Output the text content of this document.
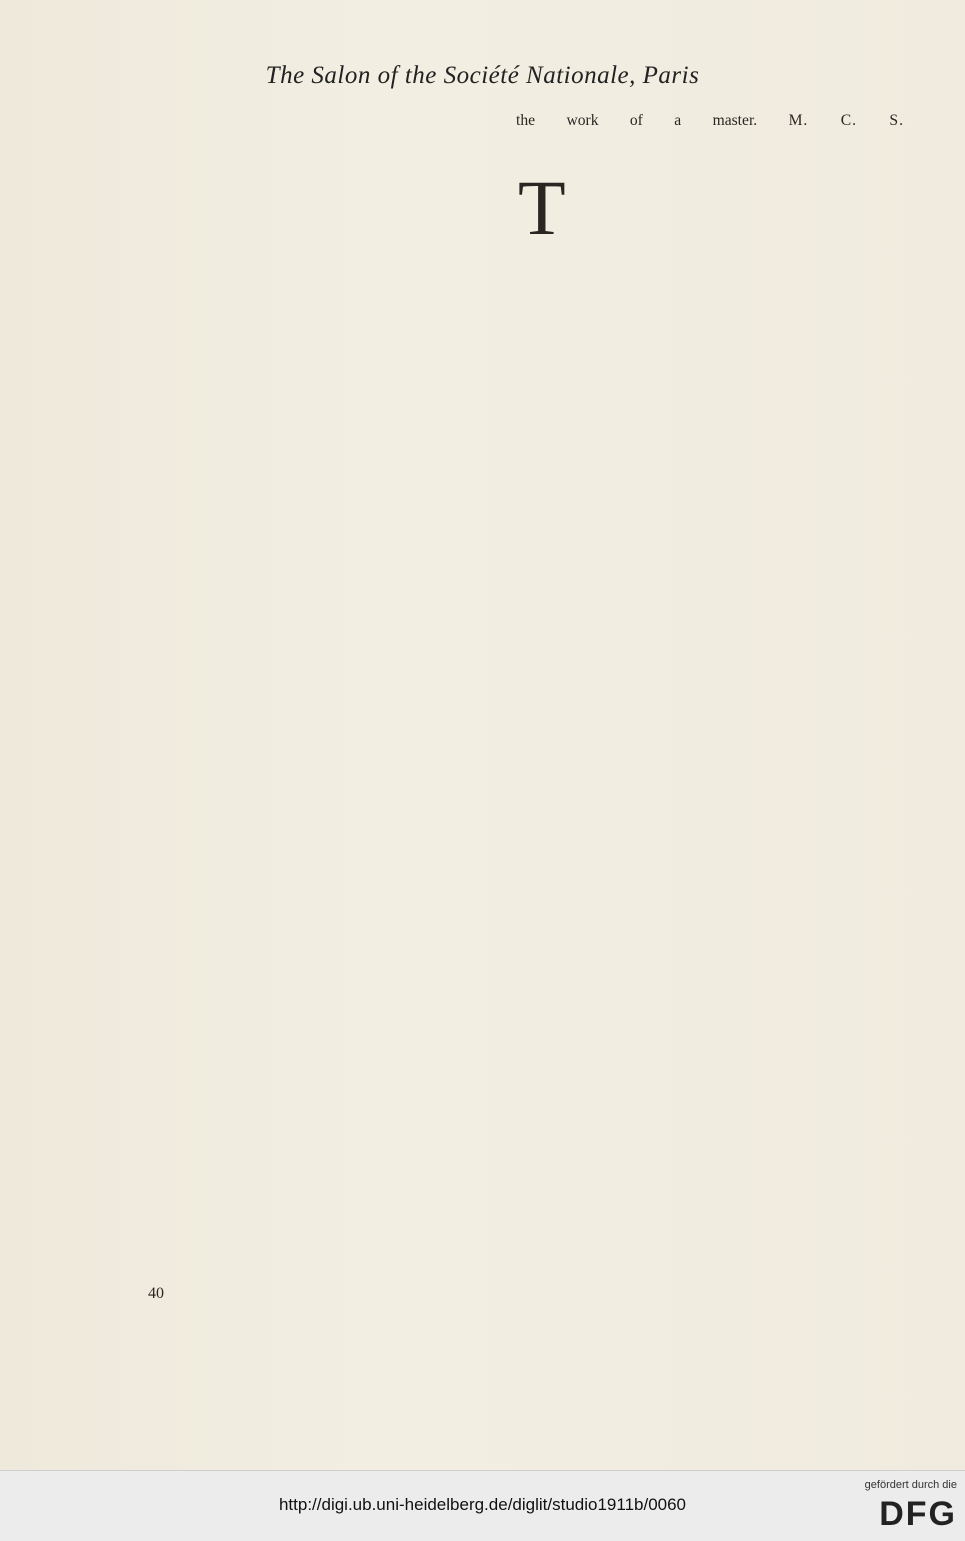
The Salon of the Société Nationale, Paris
the work of a master. M. C. S.
T
40
http://digi.ub.uni-heidelberg.de/diglit/studio1911b/0060
gefördert durch die
DFG
